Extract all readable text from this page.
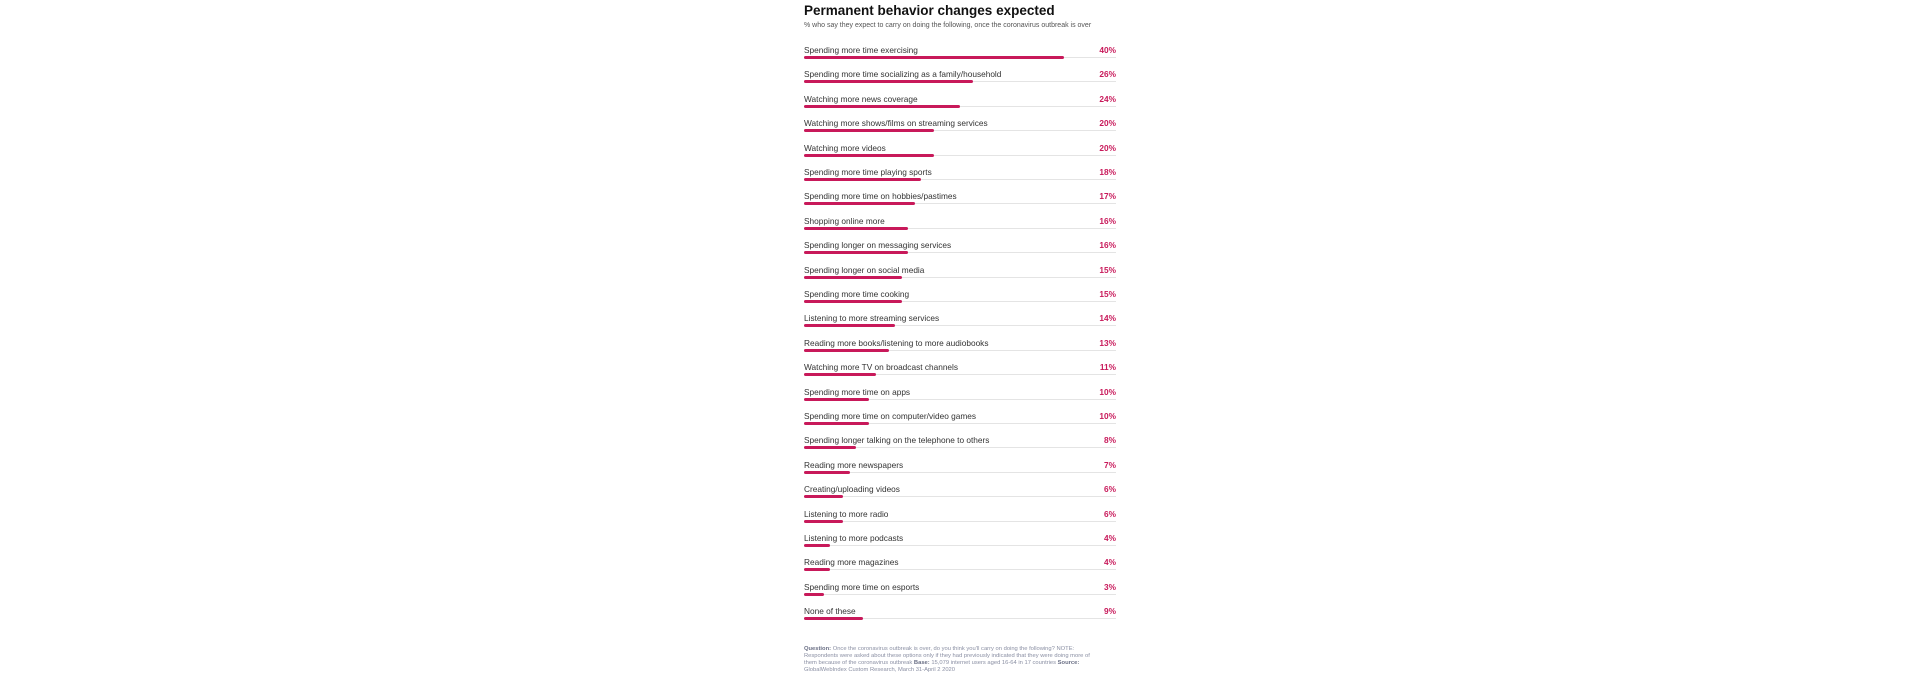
Permanent behavior changes expected
% who say they expect to carry on doing the following, once the coronavirus outbreak is over
Spending more time exercising	40%
Spending more time socializing as a family/household	26%
Watching more news coverage	24%
Watching more shows/films on streaming services	20%
Watching more videos	20%
Spending more time playing sports	18%
Spending more time on hobbies/pastimes	17%
Shopping online more	16%
Spending longer on messaging services	16%
Spending longer on social media	15%
Spending more time cooking	15%
Listening to more streaming services	14%
Reading more books/listening to more audiobooks	13%
Watching more TV on broadcast channels	11%
Spending more time on apps	10%
Spending more time on computer/video games	10%
Spending longer talking on the telephone to others	8%
Reading more newspapers	7%
Creating/uploading videos	6%
Listening to more radio	6%
Listening to more podcasts	4%
Reading more magazines	4%
Spending more time on esports	3%
None of these	9%
Question: Once the coronavirus outbreak is over, do you think you'll carry on doing the following? NOTE: Respondents were asked about these options only if they had previously indicated that they were doing more of them because of the coronavirus outbreak Base: 15,079 internet users aged 16-64 in 17 countries Source: GlobalWebIndex Custom Research, March 31-April 2 2020
